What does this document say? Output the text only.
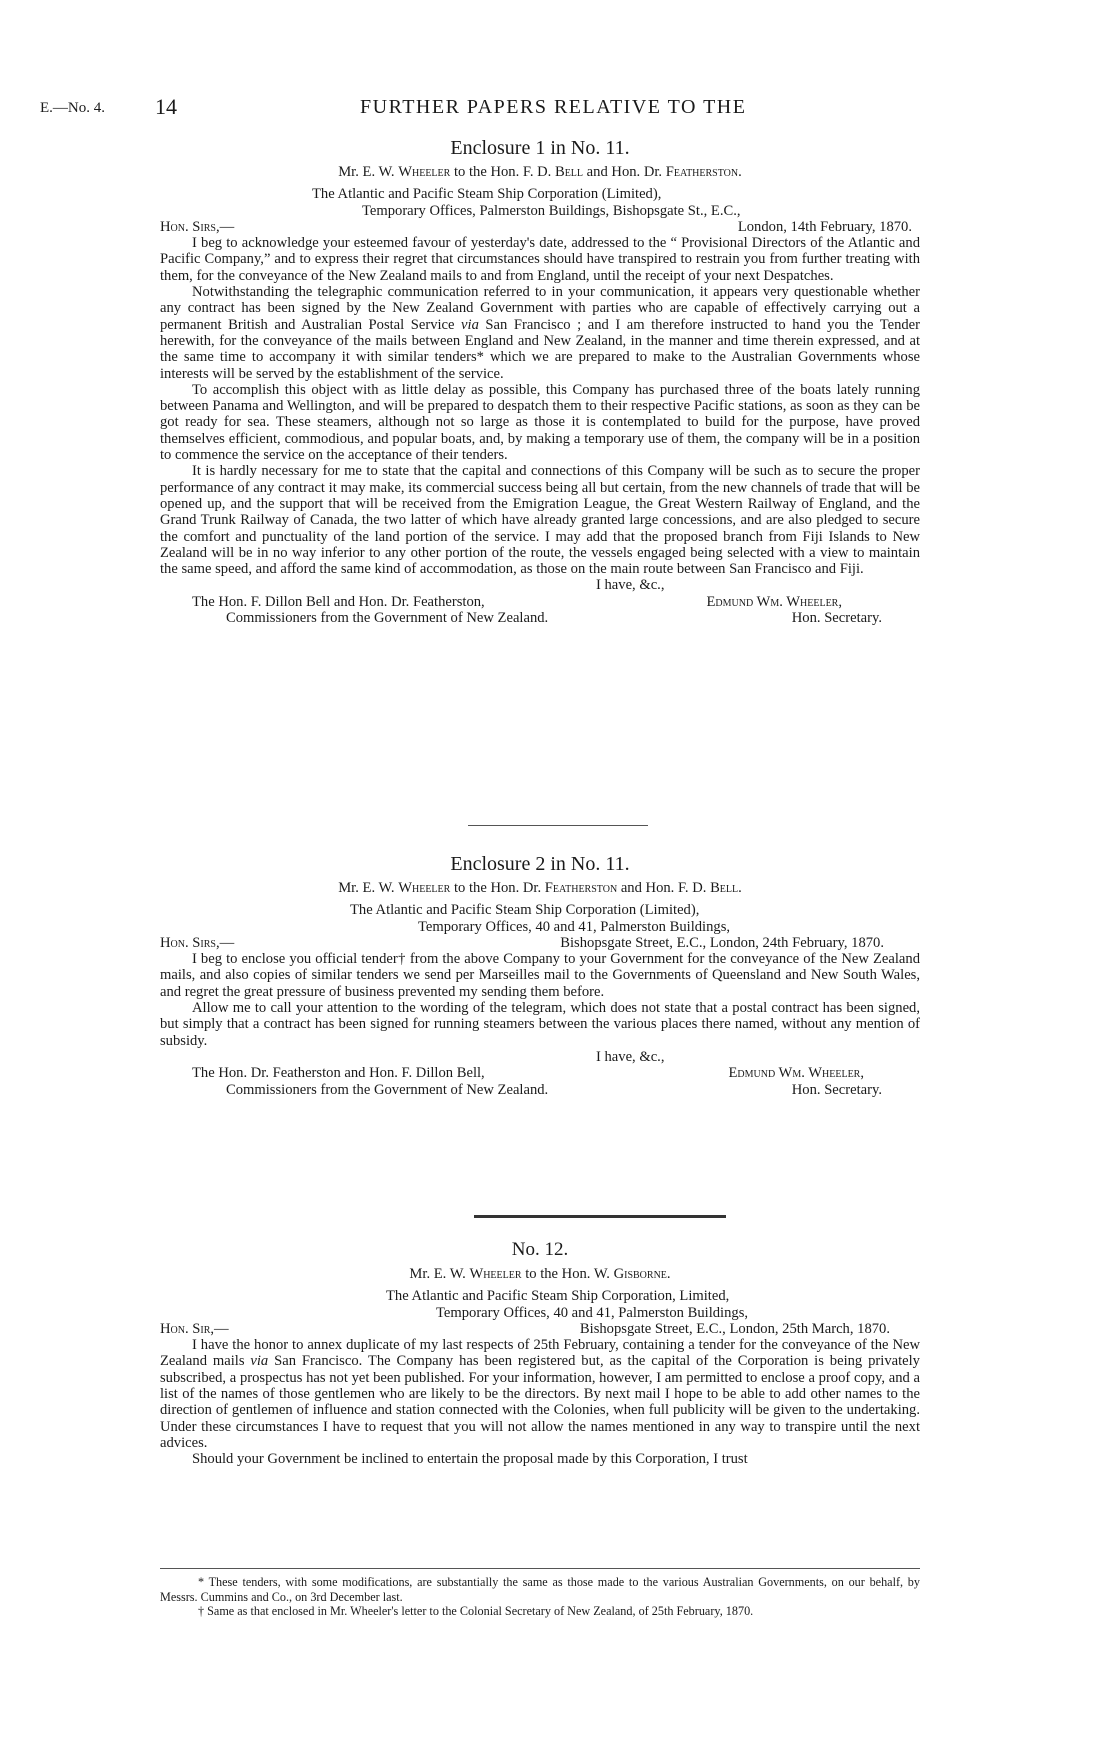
E.—No. 4. 14	FURTHER PAPERS RELATIVE TO THE
Enclosure 1 in No. 11.
Mr. E. W. Wheeler to the Hon. F. D. Bell and Hon. Dr. Featherston.
The Atlantic and Pacific Steam Ship Corporation (Limited),
Temporary Offices, Palmerston Buildings, Bishopsgate St., E.C.,
Hon. Sirs,—	London, 14th February, 1870.

I beg to acknowledge your esteemed favour of yesterday's date, addressed to the “ Provisional Directors of the Atlantic and Pacific Company,” and to express their regret that circumstances should have transpired to restrain you from further treating with them, for the conveyance of the New Zealand mails to and from England, until the receipt of your next Despatches.

Notwithstanding the telegraphic communication referred to in your communication, it appears very questionable whether any contract has been signed by the New Zealand Government with parties who are capable of effectively carrying out a permanent British and Australian Postal Service via San Francisco ; and I am therefore instructed to hand you the Tender herewith, for the conveyance of the mails between England and New Zealand, in the manner and time therein expressed, and at the same time to accompany it with similar tenders* which we are prepared to make to the Australian Governments whose interests will be served by the establishment of the service.

To accomplish this object with as little delay as possible, this Company has purchased three of the boats lately running between Panama and Wellington, and will be prepared to despatch them to their respective Pacific stations, as soon as they can be got ready for sea. These steamers, although not so large as those it is contemplated to build for the purpose, have proved themselves efficient, commodious, and popular boats, and, by making a temporary use of them, the company will be in a position to commence the service on the acceptance of their tenders.

It is hardly necessary for me to state that the capital and connections of this Company will be such as to secure the proper performance of any contract it may make, its commercial success being all but certain, from the new channels of trade that will be opened up, and the support that will be received from the Emigration League, the Great Western Railway of England, and the Grand Trunk Railway of Canada, the two latter of which have already granted large concessions, and are also pledged to secure the comfort and punctuality of the land portion of the service. I may add that the proposed branch from Fiji Islands to New Zealand will be in no way inferior to any other portion of the route, the vessels engaged being selected with a view to maintain the same speed, and afford the same kind of accommodation, as those on the main route between San Francisco and Fiji.

I have, &c.,
The Hon. F. Dillon Bell and Hon. Dr. Featherston,	Edmund Wm. Wheeler,
Commissioners from the Government of New Zealand.	Hon. Secretary.
Enclosure 2 in No. 11.
Mr. E. W. Wheeler to the Hon. Dr. Featherston and Hon. F. D. Bell.
The Atlantic and Pacific Steam Ship Corporation (Limited),
Temporary Offices, 40 and 41, Palmerston Buildings,
Hon. Sirs,—	Bishopsgate Street, E.C., London, 24th February, 1870.

I beg to enclose you official tender† from the above Company to your Government for the conveyance of the New Zealand mails, and also copies of similar tenders we send per Marseilles mail to the Governments of Queensland and New South Wales, and regret the great pressure of business prevented my sending them before.

Allow me to call your attention to the wording of the telegram, which does not state that a postal contract has been signed, but simply that a contract has been signed for running steamers between the various places there named, without any mention of subsidy.

I have, &c.,
The Hon. Dr. Featherston and Hon. F. Dillon Bell,	Edmund Wm. Wheeler,
Commissioners from the Government of New Zealand.	Hon. Secretary.
No. 12.
Mr. E. W. Wheeler to the Hon. W. Gisborne.
The Atlantic and Pacific Steam Ship Corporation, Limited,
Temporary Offices, 40 and 41, Palmerston Buildings,
Hon. Sir,—	Bishopsgate Street, E.C., London, 25th March, 1870.

I have the honor to annex duplicate of my last respects of 25th February, containing a tender for the conveyance of the New Zealand mails via San Francisco. The Company has been registered but, as the capital of the Corporation is being privately subscribed, a prospectus has not yet been published. For your information, however, I am permitted to enclose a proof copy, and a list of the names of those gentlemen who are likely to be the directors. By next mail I hope to be able to add other names to the direction of gentlemen of influence and station connected with the Colonies, when full publicity will be given to the undertaking. Under these circumstances I have to request that you will not allow the names mentioned in any way to transpire until the next advices.

Should your Government be inclined to entertain the proposal made by this Corporation, I trust

* These tenders, with some modifications, are substantially the same as those made to the various Australian Governments, on our behalf, by Messrs. Cummins and Co., on 3rd December last.

† Same as that enclosed in Mr. Wheeler's letter to the Colonial Secretary of New Zealand, of 25th February, 1870.
